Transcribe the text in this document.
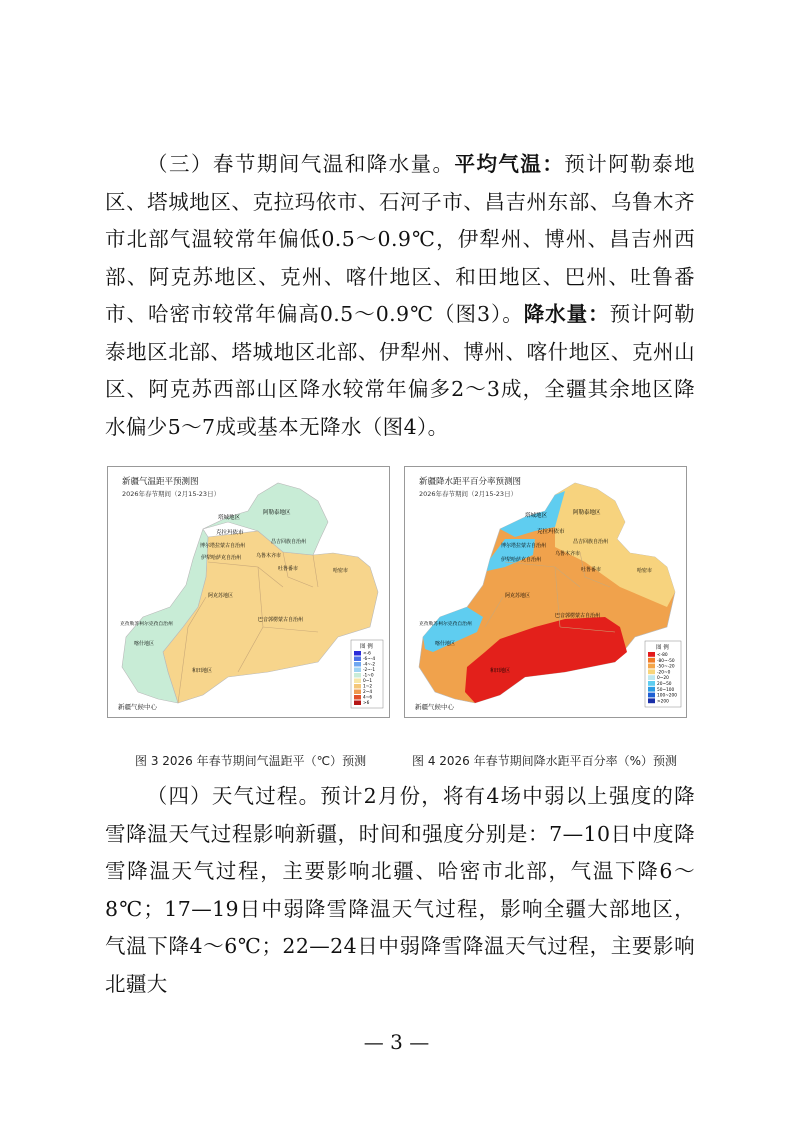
（三）春节期间气温和降水量。平均气温：预计阿勒泰地区、塔城地区、克拉玛依市、石河子市、昌吉州东部、乌鲁木齐市北部气温较常年偏低0.5～0.9℃，伊犁州、博州、昌吉州西部、阿克苏地区、克州、喀什地区、和田地区、巴州、吐鲁番市、哈密市较常年偏高0.5～0.9℃（图3）。降水量：预计阿勒泰地区北部、塔城地区北部、伊犁州、博州、喀什地区、克州山区、阿克苏西部山区降水较常年偏多2～3成，全疆其余地区降水偏少5～7成或基本无降水（图4）。

新疆气温距平预测图
2026年春节期间（2月15-23日）
阿勒泰地区
塔城地区
克拉玛依市
博尔塔拉蒙古自治州
昌吉回族自治州
伊犁哈萨克自治州	乌鲁木齐市
吐鲁番市	哈密市
阿克苏地区
克孜勒苏柯尔克孜自治州
巴音郭楞蒙古自治州
喀什地区
和田地区
图 例
<-6
-6~-4
-4~-2
-2~-1
-1~0
0~1
1~2
2~4
4~6
>6
新疆气候中心
新疆降水距平百分率预测图
2026年春节期间（2月15-23日）
塔城地区	阿勒泰地区
克拉玛依市
博尔塔拉蒙古自治州
昌吉回族自治州
伊犁哈萨克自治州
乌鲁木齐市
吐鲁番市	哈密市
阿克苏地区
巴音郭楞蒙古自治州
克孜勒苏柯尔克孜自治州
喀什地区
和田地区
图 例
<-80
-80~-50
-50~-20
-20~0
0~20
20~50
50~100
100~200
>200
新疆气候中心
图 3 2026 年春节期间气温距平（℃）预测	图 4 2026 年春节期间降水距平百分率（%）预测

（四）天气过程。预计2月份，将有4场中弱以上强度的降雪降温天气过程影响新疆，时间和强度分别是：7—10日中度降雪降温天气过程，主要影响北疆、哈密市北部，气温下降6～8℃；17—19日中弱降雪降温天气过程，影响全疆大部地区，气温下降4～6℃；22—24日中弱降雪降温天气过程，主要影响北疆大

— 3 —
